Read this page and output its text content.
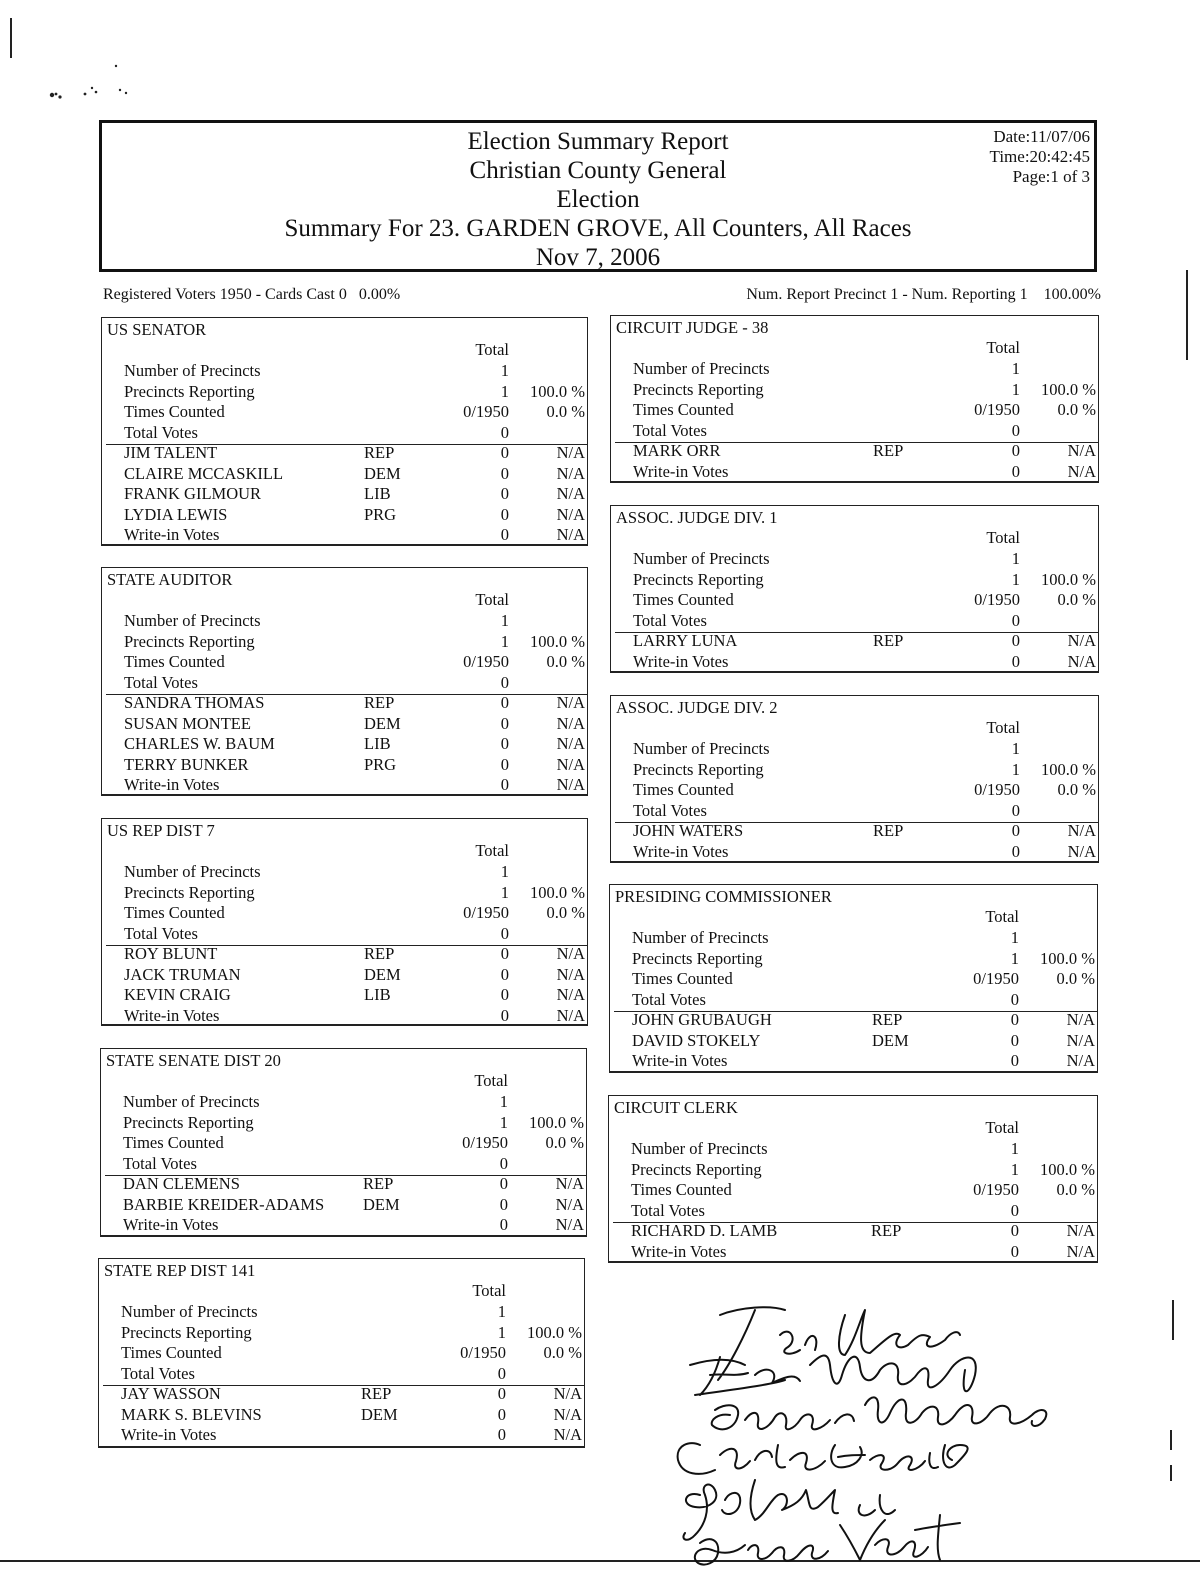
Election Summary Report
Christian County General
Election
Summary For 23. GARDEN GROVE, All Counters, All Races
Nov 7, 2006
Date:11/07/06
Time:20:42:45
Page:1 of 3
Registered Voters 1950 - Cards Cast 0   0.00%	Num. Report Precinct 1 - Num. Reporting 1    100.00%
US SENATOR
Total
Number of Precincts	1
Precincts Reporting	1	100.0 %
Times Counted	0/1950	0.0 %
Total Votes	0
JIM TALENT	REP	0	N/A
CLAIRE MCCASKILL	DEM	0	N/A
FRANK GILMOUR	LIB	0	N/A
LYDIA LEWIS	PRG	0	N/A
Write-in Votes	0	N/A
STATE AUDITOR
Total
Number of Precincts	1
Precincts Reporting	1	100.0 %
Times Counted	0/1950	0.0 %
Total Votes	0
SANDRA THOMAS	REP	0	N/A
SUSAN MONTEE	DEM	0	N/A
CHARLES W. BAUM	LIB	0	N/A
TERRY BUNKER	PRG	0	N/A
Write-in Votes	0	N/A
US REP DIST 7
Total
Number of Precincts	1
Precincts Reporting	1	100.0 %
Times Counted	0/1950	0.0 %
Total Votes	0
ROY BLUNT	REP	0	N/A
JACK TRUMAN	DEM	0	N/A
KEVIN CRAIG	LIB	0	N/A
Write-in Votes	0	N/A
STATE SENATE DIST 20
Total
Number of Precincts	1
Precincts Reporting	1	100.0 %
Times Counted	0/1950	0.0 %
Total Votes	0
DAN CLEMENS	REP	0	N/A
BARBIE KREIDER-ADAMS DEM	0	N/A
Write-in Votes	0	N/A
STATE REP DIST 141
Total
Number of Precincts	1
Precincts Reporting	1	100.0 %
Times Counted	0/1950	0.0 %
Total Votes	0
JAY WASSON	REP	0	N/A
MARK S. BLEVINS	DEM	0	N/A
Write-in Votes	0	N/A
CIRCUIT JUDGE - 38
Total
Number of Precincts	1
Precincts Reporting	1	100.0 %
Times Counted	0/1950	0.0 %
Total Votes	0
MARK ORR	REP	0	N/A
Write-in Votes	0	N/A
ASSOC. JUDGE DIV. 1
Total
Number of Precincts	1
Precincts Reporting	1	100.0 %
Times Counted	0/1950	0.0 %
Total Votes	0
LARRY LUNA	REP	0	N/A
Write-in Votes	0	N/A
ASSOC. JUDGE DIV. 2
Total
Number of Precincts	1
Precincts Reporting	1	100.0 %
Times Counted	0/1950	0.0 %
Total Votes	0
JOHN WATERS	REP	0	N/A
Write-in Votes	0	N/A
PRESIDING COMMISSIONER
Total
Number of Precincts	1
Precincts Reporting	1	100.0 %
Times Counted	0/1950	0.0 %
Total Votes	0
JOHN GRUBAUGH	REP	0	N/A
DAVID STOKELY	DEM	0	N/A
Write-in Votes	0	N/A
CIRCUIT CLERK
Total
Number of Precincts	1
Precincts Reporting	1	100.0 %
Times Counted	0/1950	0.0 %
Total Votes	0
RICHARD D. LAMB	REP	0	N/A
Write-in Votes	0	N/A
